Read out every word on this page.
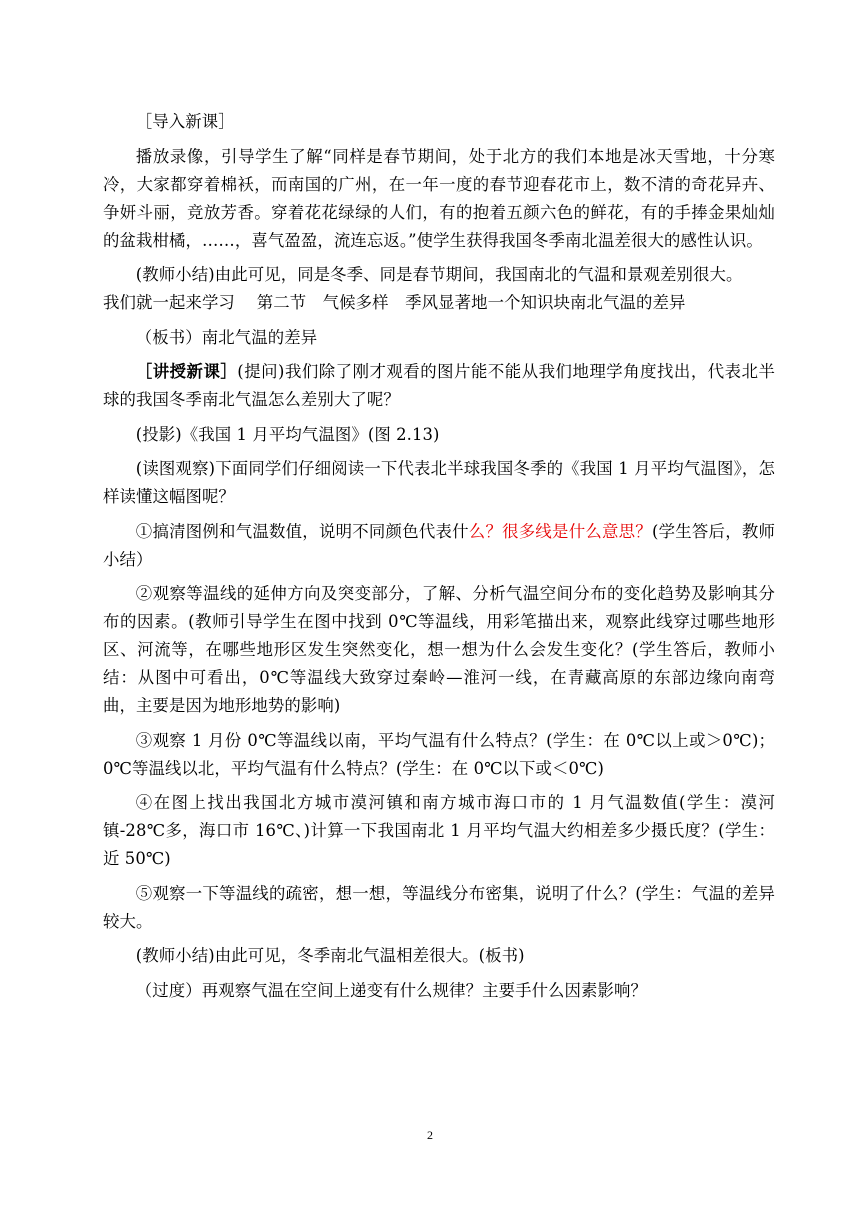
［导入新课］

播放录像，引导学生了解“同样是春节期间，处于北方的我们本地是冰天雪地，十分寒冷，大家都穿着棉袄，而南国的广州，在一年一度的春节迎春花市上，数不清的奇花异卉、争妍斗丽，竞放芳香。穿着花花绿绿的人们，有的抱着五颜六色的鲜花，有的手捧金果灿灿的盆栽柑橘，……，喜气盈盈，流连忘返。”使学生获得我国冬季南北温差很大的感性认识。

(教师小结)由此可见，同是冬季、同是春节期间，我国南北的气温和景观差别很大。

我们就一起来学习　 第二节　气候多样　季风显著地一个知识块南北气温的差异

（板书）南北气温的差异

［讲授新课］(提问)我们除了刚才观看的图片能不能从我们地理学角度找出，代表北半球的我国冬季南北气温怎么差别大了呢？

(投影)《我国 1 月平均气温图》(图 2.13)

(读图观察)下面同学们仔细阅读一下代表北半球我国冬季的《我国 1 月平均气温图》，怎样读懂这幅图呢？

①搞清图例和气温数值，说明不同颜色代表什么？很多线是什么意思？(学生答后，教师小结）

②观察等温线的延伸方向及突变部分，了解、分析气温空间分布的变化趋势及影响其分布的因素。(教师引导学生在图中找到 0℃等温线，用彩笔描出来，观察此线穿过哪些地形区、河流等，在哪些地形区发生突然变化，想一想为什么会发生变化？(学生答后，教师小结：从图中可看出，0℃等温线大致穿过秦岭—淮河一线，在青藏高原的东部边缘向南弯曲，主要是因为地形地势的影响)

③观察 1 月份 0℃等温线以南，平均气温有什么特点？(学生：在 0℃以上或＞0℃)；0℃等温线以北，平均气温有什么特点？(学生：在 0℃以下或＜0℃)

④在图上找出我国北方城市漠河镇和南方城市海口市的 1 月气温数值(学生：漠河镇-28℃多，海口市 16℃、)计算一下我国南北 1 月平均气温大约相差多少摄氏度？(学生：近 50℃)

⑤观察一下等温线的疏密，想一想，等温线分布密集，说明了什么？(学生：气温的差异较大。

(教师小结)由此可见，冬季南北气温相差很大。(板书)

（过度）再观察气温在空间上递变有什么规律？主要手什么因素影响？

2
